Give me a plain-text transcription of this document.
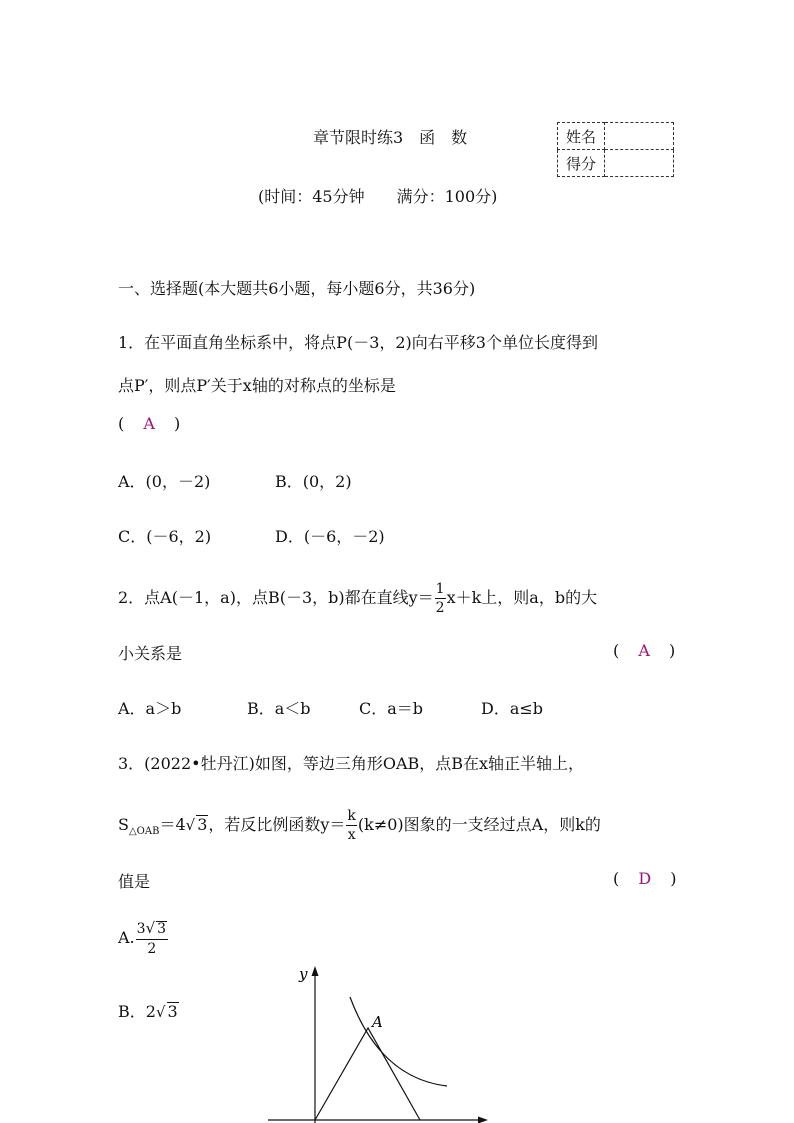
章节限时练3　函　数	姓名	
得分	
(时间：45分钟　　满分：100分)
一、选择题(本大题共6小题，每小题6分，共36分)
1．在平面直角坐标系中，将点P(－3，2)向右平移3个单位长度得到
点P′，则点P′关于x轴的对称点的坐标是
( A )
A．(0，－2)	B．(0，2)
C．(－6，2)	D．(－6，－2)
2．点A(－1，a)，点B(－3，b)都在直线$y= \frac{1}{2} x+k$上，则a，b的大
小关系是	( A )
A．a＞b	B．a＜b	C．a＝b	D．a≤b
3．(2022•牡丹江)如图，等边三角形OAB，点B在x轴正半轴上，
$S_{\triangle OAB}=4√$ 3，若反比例函数$y= \frac{k}{x} (k\ne 0)$图象的一支经过点A，则k的
值是	( D )
A. $\frac{3√ 3}{2}$
B．2√ 3
y
A
